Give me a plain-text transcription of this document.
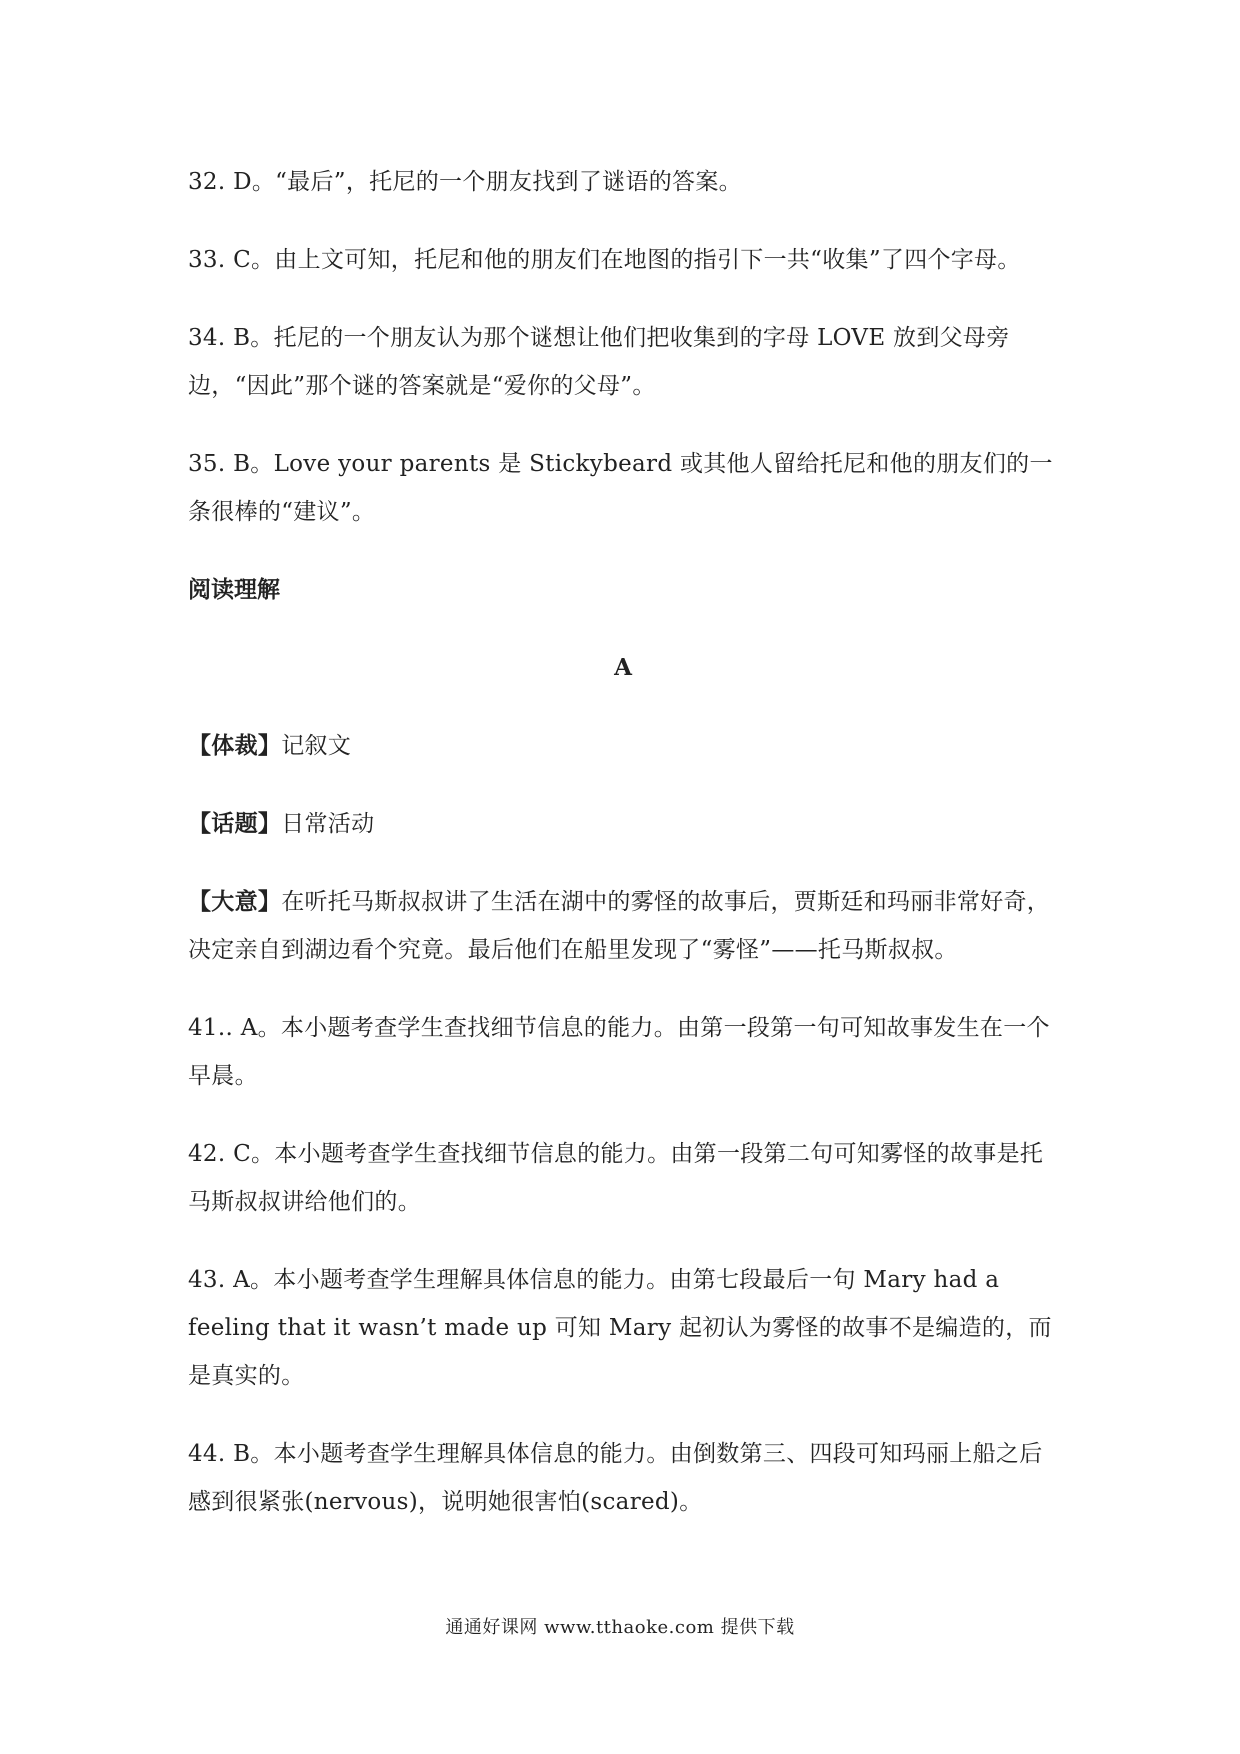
32. D。“最后”，托尼的一个朋友找到了谜语的答案。

33. C。由上文可知，托尼和他的朋友们在地图的指引下一共“收集”了四个字母。

34. B。托尼的一个朋友认为那个谜想让他们把收集到的字母 LOVE 放到父母旁边，“因此”那个谜的答案就是“爱你的父母”。

35. B。Love your parents 是 Stickybeard 或其他人留给托尼和他的朋友们的一条很棒的“建议”。

阅读理解
A

【体裁】记叙文

【话题】日常活动

【大意】在听托马斯叔叔讲了生活在湖中的雾怪的故事后，贾斯廷和玛丽非常好奇，决定亲自到湖边看个究竟。最后他们在船里发现了“雾怪”——托马斯叔叔。

41.. A。本小题考查学生查找细节信息的能力。由第一段第一句可知故事发生在一个早晨。

42. C。本小题考查学生查找细节信息的能力。由第一段第二句可知雾怪的故事是托马斯叔叔讲给他们的。

43. A。本小题考查学生理解具体信息的能力。由第七段最后一句 Mary had a feeling that it wasn’t made up 可知 Mary 起初认为雾怪的故事不是编造的，而是真实的。

44. B。本小题考查学生理解具体信息的能力。由倒数第三、四段可知玛丽上船之后感到很紧张(nervous)，说明她很害怕(scared)。

通通好课网 www.tthaoke.com 提供下载
